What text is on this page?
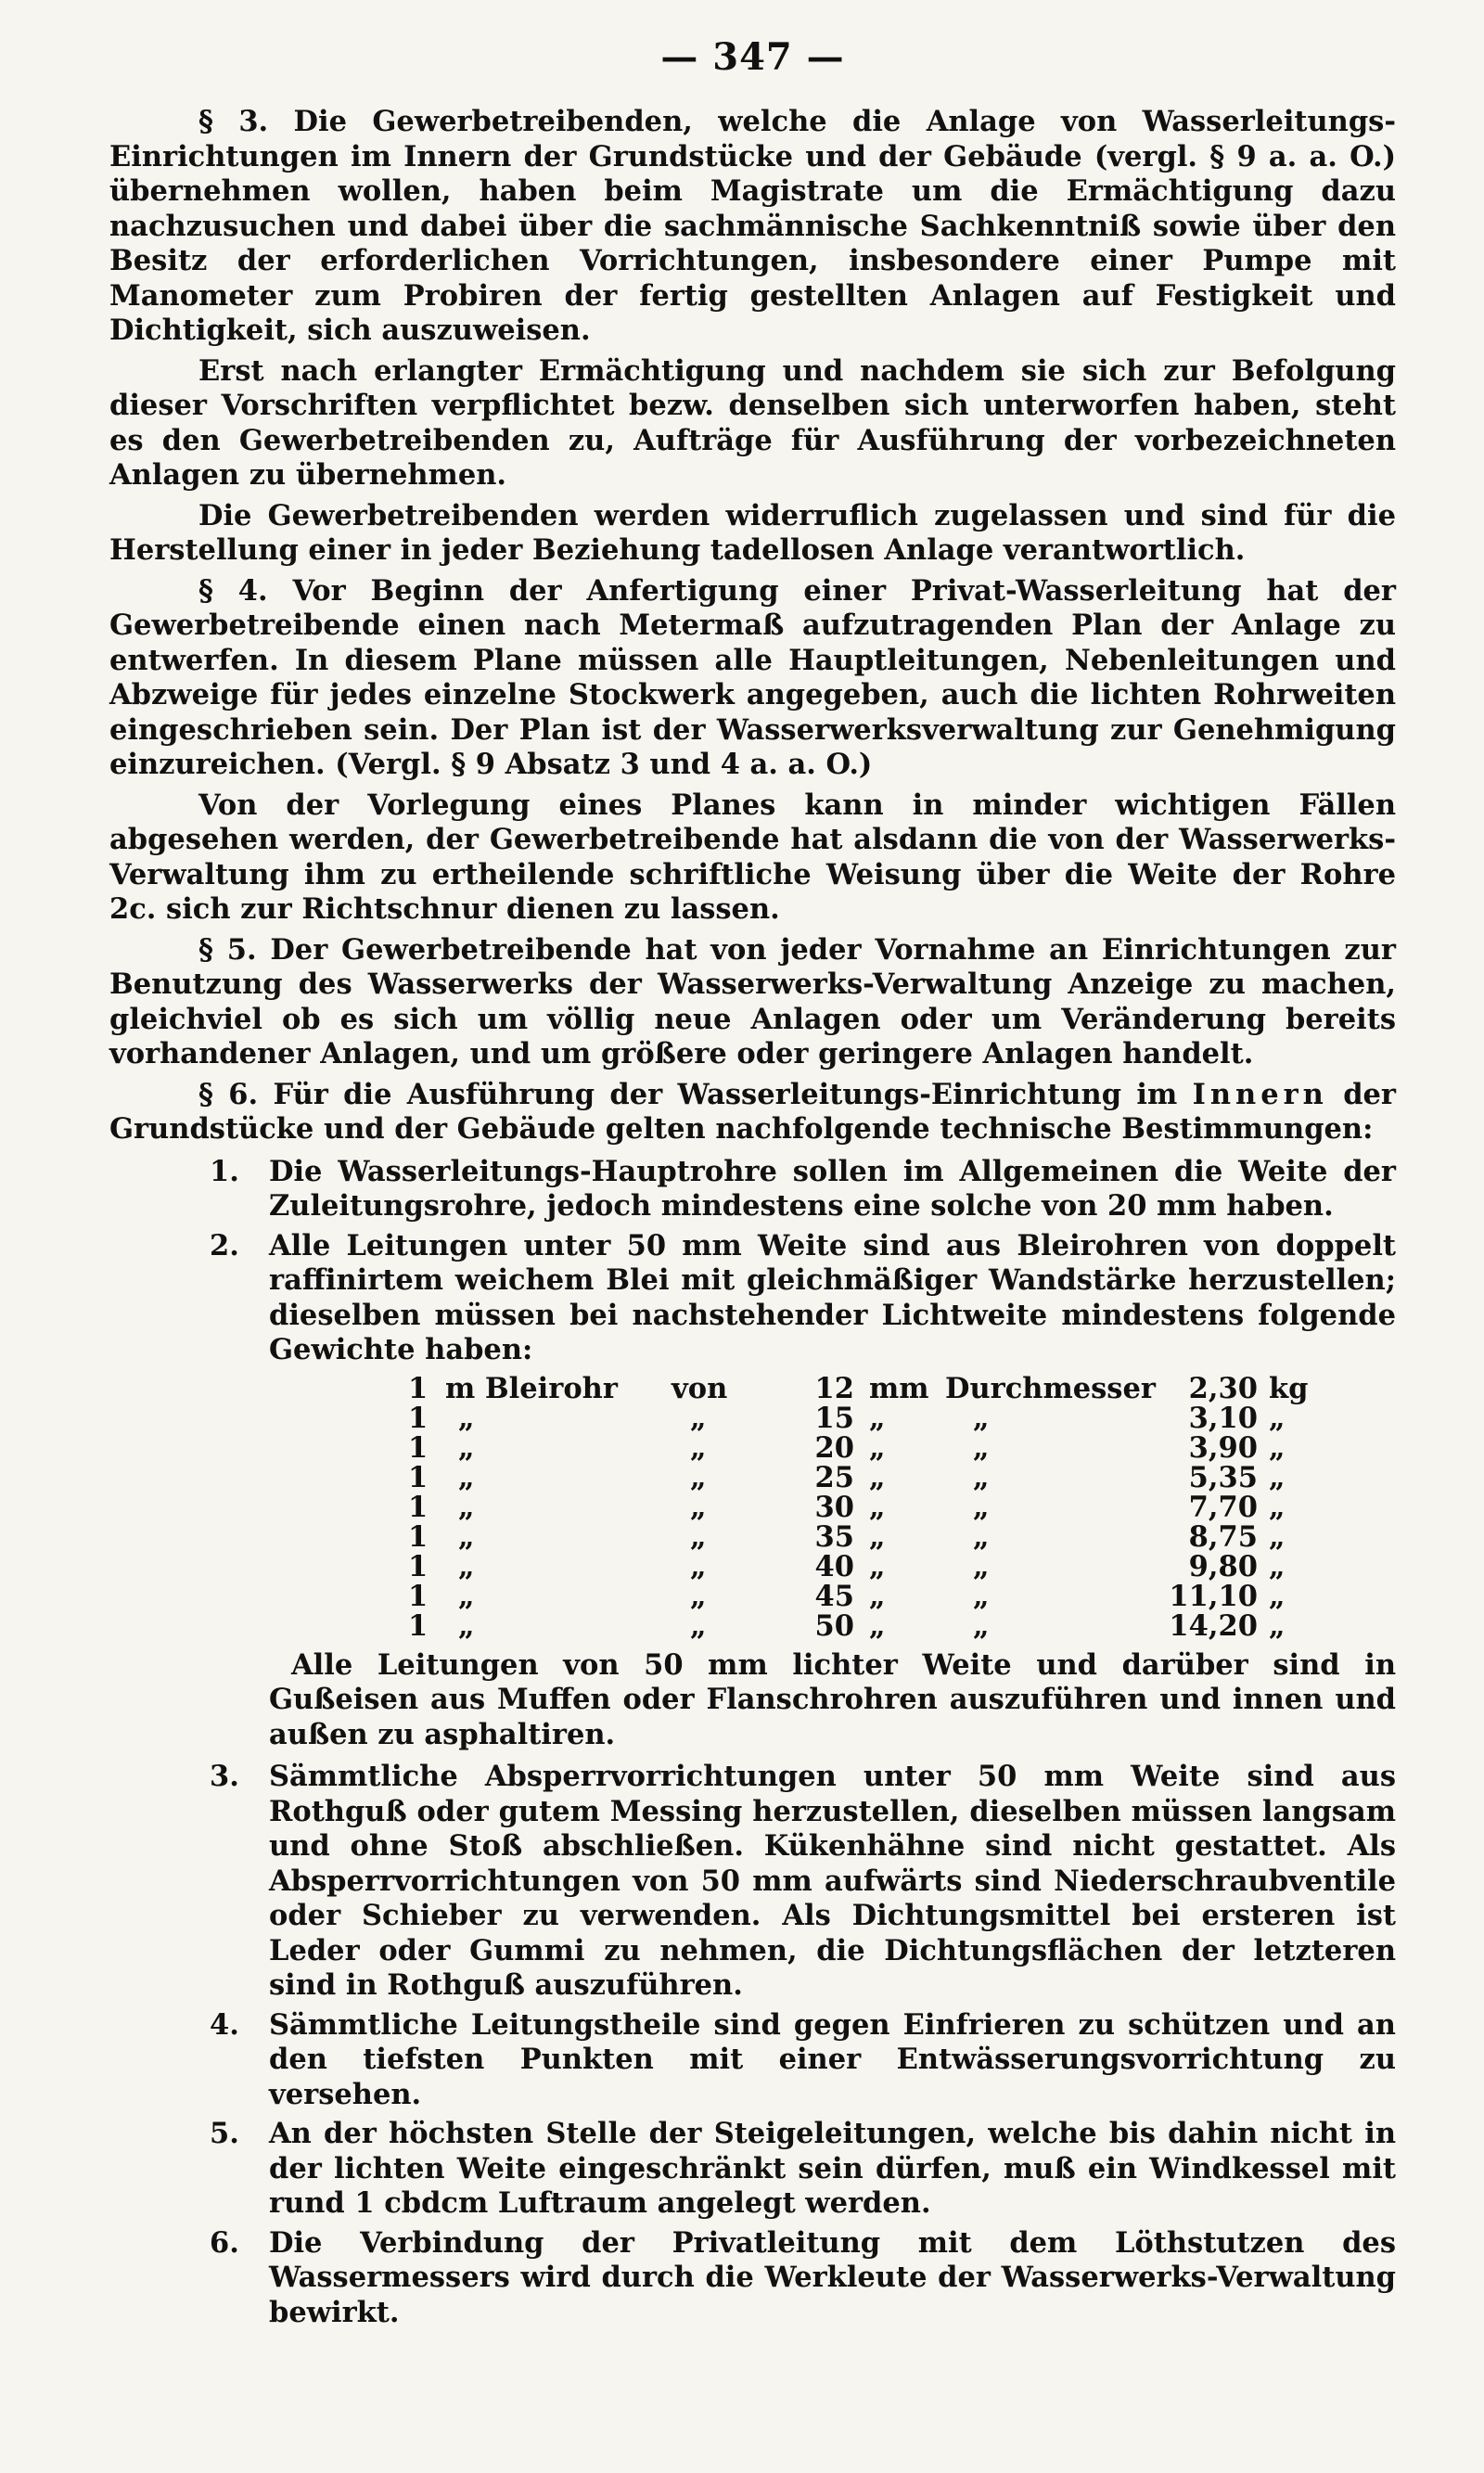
— 347 —

§ 3. Die Gewerbetreibenden, welche die Anlage von Wasserleitungs-Einrichtungen im Innern der Grundstücke und der Gebäude (vergl. § 9 a. a. O.) übernehmen wollen, haben beim Magistrate um die Ermächtigung dazu nachzusuchen und dabei über die sachmännische Sachkenntniß sowie über den Besitz der erforderlichen Vorrichtungen, insbesondere einer Pumpe mit Manometer zum Probiren der fertig gestellten Anlagen auf Festigkeit und Dichtigkeit, sich auszuweisen.

Erst nach erlangter Ermächtigung und nachdem sie sich zur Befolgung dieser Vorschriften verpflichtet bezw. denselben sich unterworfen haben, steht es den Gewerbetreibenden zu, Aufträge für Ausführung der vorbezeichneten Anlagen zu übernehmen.

Die Gewerbetreibenden werden widerruflich zugelassen und sind für die Herstellung einer in jeder Beziehung tadellosen Anlage verantwortlich.

§ 4. Vor Beginn der Anfertigung einer Privat-Wasserleitung hat der Gewerbetreibende einen nach Metermaß aufzutragenden Plan der Anlage zu entwerfen. In diesem Plane müssen alle Hauptleitungen, Nebenleitungen und Abzweige für jedes einzelne Stockwerk angegeben, auch die lichten Rohrweiten eingeschrieben sein. Der Plan ist der Wasserwerksverwaltung zur Genehmigung einzureichen. (Vergl. § 9 Absatz 3 und 4 a. a. O.)

Von der Vorlegung eines Planes kann in minder wichtigen Fällen abgesehen werden, der Gewerbetreibende hat alsdann die von der Wasserwerks-Verwaltung ihm zu ertheilende schriftliche Weisung über die Weite der Rohre 2c. sich zur Richtschnur dienen zu lassen.

§ 5. Der Gewerbetreibende hat von jeder Vornahme an Einrichtungen zur Benutzung des Wasserwerks der Wasserwerks-Verwaltung Anzeige zu machen, gleichviel ob es sich um völlig neue Anlagen oder um Veränderung bereits vorhandener Anlagen, und um größere oder geringere Anlagen handelt.

§ 6. Für die Ausführung der Wasserleitungs-Einrichtung im Innern der Grundstücke und der Gebäude gelten nachfolgende technische Bestimmungen:

1. Die Wasserleitungs-Hauptrohre sollen im Allgemeinen die Weite der Zuleitungsrohre, jedoch mindestens eine solche von 20 mm haben.
2. Alle Leitungen unter 50 mm Weite sind aus Bleirohren von doppelt raffinirtem weichem Blei mit gleichmäßiger Wandstärke herzustellen; dieselben müssen bei nachstehender Lichtweite mindestens folgende Gewichte haben:
1	m Bleirohr	von	12	mm	Durchmesser	2,30	kg
1	„	„	15	„	„	3,10	„
1	„	„	20	„	„	3,90	„
1	„	„	25	„	„	5,35	„
1	„	„	30	„	„	7,70	„
1	„	„	35	„	„	8,75	„
1	„	„	40	„	„	9,80	„
1	„	„	45	„	„	11,10	„
1	„	„	50	„	„	14,20	„

Alle Leitungen von 50 mm lichter Weite und darüber sind in Gußeisen aus Muffen oder Flanschrohren auszuführen und innen und außen zu asphaltiren.

3. Sämmtliche Absperrvorrichtungen unter 50 mm Weite sind aus Rothguß oder gutem Messing herzustellen, dieselben müssen langsam und ohne Stoß abschließen. Kükenhähne sind nicht gestattet. Als Absperrvorrichtungen von 50 mm aufwärts sind Niederschraubventile oder Schieber zu verwenden. Als Dichtungsmittel bei ersteren ist Leder oder Gummi zu nehmen, die Dichtungsflächen der letzteren sind in Rothguß auszuführen.
4. Sämmtliche Leitungstheile sind gegen Einfrieren zu schützen und an den tiefsten Punkten mit einer Entwässerungsvorrichtung zu versehen.
5. An der höchsten Stelle der Steigeleitungen, welche bis dahin nicht in der lichten Weite eingeschränkt sein dürfen, muß ein Windkessel mit rund 1 cbdcm Luftraum angelegt werden.
6. Die Verbindung der Privatleitung mit dem Löthstutzen des Wassermessers wird durch die Werkleute der Wasserwerks-Verwaltung bewirkt.
